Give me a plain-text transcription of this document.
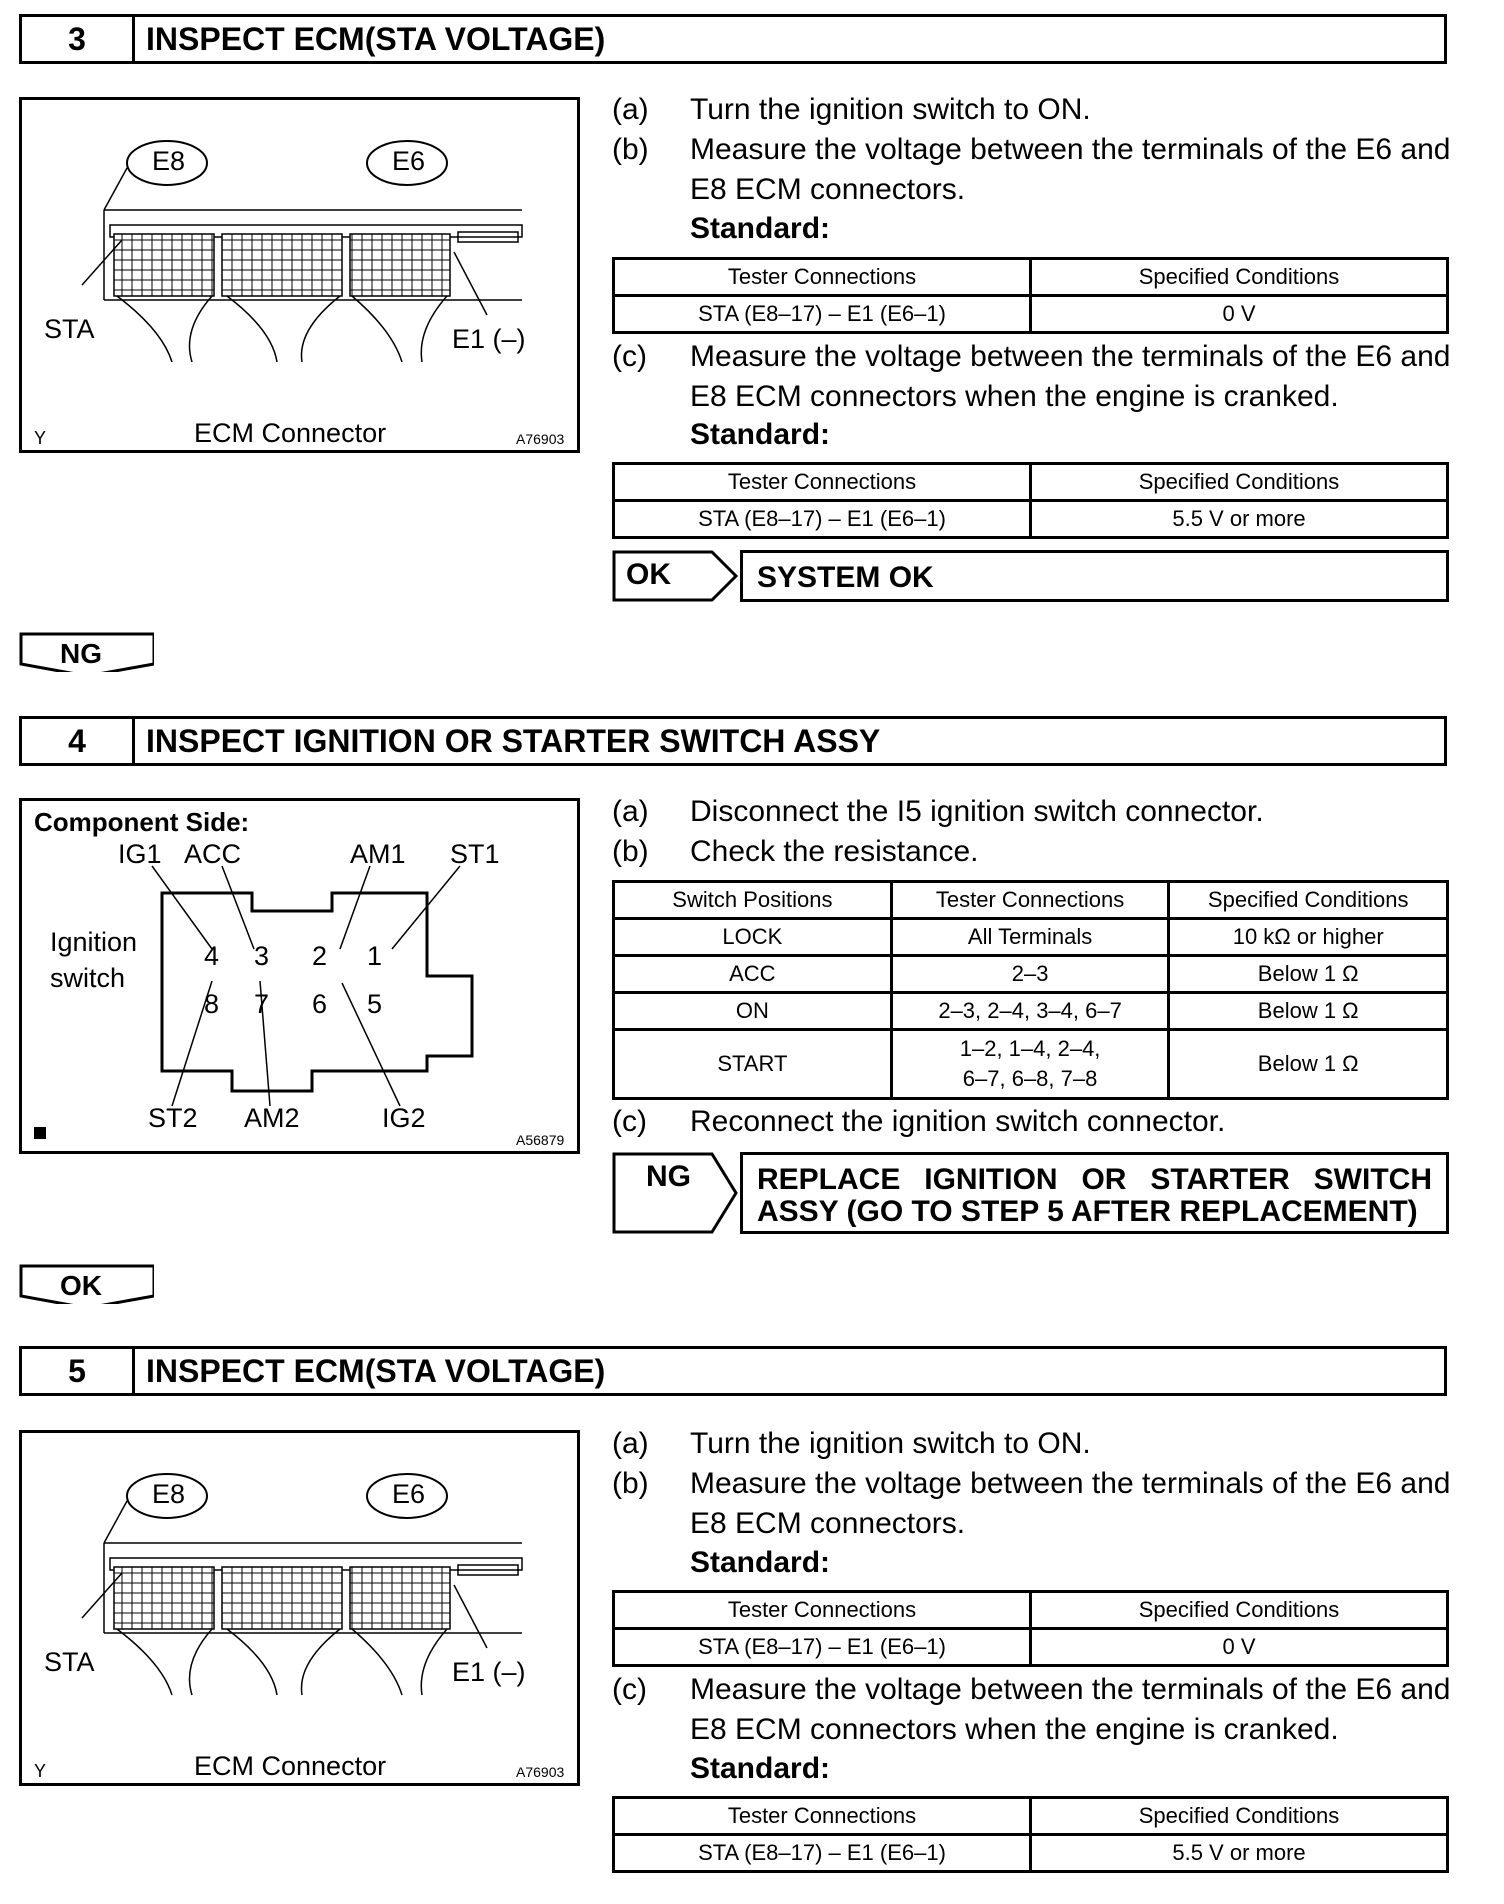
3	INSPECT ECM(STA VOLTAGE)
E8	E6
STA	E1 (–)
Y	ECM Connector	A76903
(a) Turn the ignition switch to ON.
(b) Measure the voltage between the terminals of the E6 and E8 ECM connectors.
Standard:
Tester Connections	Specified Conditions
STA (E8–17) – E1 (E6–1)	0 V
(c) Measure the voltage between the terminals of the E6 and E8 ECM connectors when the engine is cranked.
Standard:
Tester Connections	Specified Conditions
STA (E8–17) – E1 (E6–1)	5.5 V or more
OK	SYSTEM OK
NG
4	INSPECT IGNITION OR STARTER SWITCH ASSY
Component Side:
IG1 ACC	AM1 ST1
Ignition
switch
4 3 2 1
8 7 6 5
ST2 AM2	IG2
A56879
(a) Disconnect the I5 ignition switch connector.
(b) Check the resistance.
Switch Positions	Tester Connections	Specified Conditions
LOCK	All Terminals	10 kΩ or higher
ACC	2–3	Below 1 Ω
ON	2–3, 2–4, 3–4, 6–7	Below 1 Ω
START	1–2, 1–4, 2–4,
6–7, 6–8, 7–8	Below 1 Ω
(c) Reconnect the ignition switch connector.
NG REPLACE IGNITION OR STARTER SWITCH
ASSY (GO TO STEP 5 AFTER REPLACEMENT)
OK
5	INSPECT ECM(STA VOLTAGE)
E8	E6
STA	E1 (–)
Y	ECM Connector	A76903
(a) Turn the ignition switch to ON.
(b) Measure the voltage between the terminals of the E6 and E8 ECM connectors.
Standard:
Tester Connections	Specified Conditions
STA (E8–17) – E1 (E6–1)	0 V
(c) Measure the voltage between the terminals of the E6 and E8 ECM connectors when the engine is cranked.
Standard:
Tester Connections	Specified Conditions
STA (E8–17) – E1 (E6–1)	5.5 V or more
